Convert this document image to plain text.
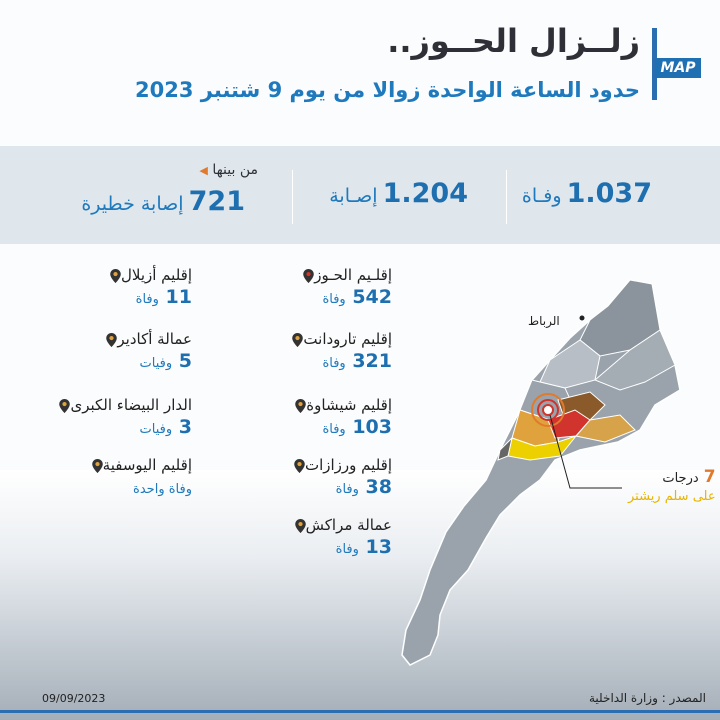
MAP
زلــزال الحــوز..
حدود الساعة الواحدة زوالا من يوم 9 شتنبر 2023
1.037 وفـاة
1.204 إصـابة
من بينها ◀
721 إصابة خطيرة
إقلـيم الحـوز
542 وفاة
إقليم تارودانت
321 وفاة
إقليم شيشاوة
103 وفاة
إقليم ورزازات
38 وفاة
عمالة مراكش
13 وفاة
إقليم أزيلال
11 وفاة
عمالة أكادير
5 وفيات
الدار البيضاء الكبرى
3 وفيات
إقليم اليوسفية
وفاة واحدة
الرباط
7 درجات
على سلم ريشتر
المصدر : وزارة الداخلية
09/09/2023
